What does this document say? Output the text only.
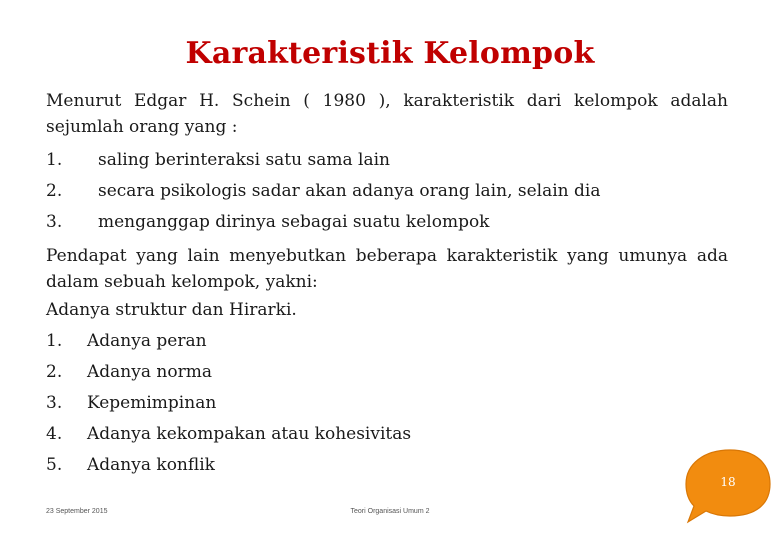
Karakteristik Kelompok

Menurut Edgar H. Schein ( 1980 ), karakteristik dari kelompok adalah sejumlah orang yang :

1.	saling berinteraksi satu sama lain
2.	secara psikologis sadar akan adanya orang lain, selain dia
3.	menganggap dirinya sebagai suatu kelompok

Pendapat yang lain menyebutkan beberapa karakteristik yang umunya ada dalam sebuah kelompok, yakni:

Adanya struktur dan Hirarki.
1.	Adanya peran
2.	Adanya norma
3.	Kepemimpinan
4.	Adanya kekompakan atau kohesivitas
5.	Adanya konflik
18
23 September 2015	Teori Organisasi Umum 2
